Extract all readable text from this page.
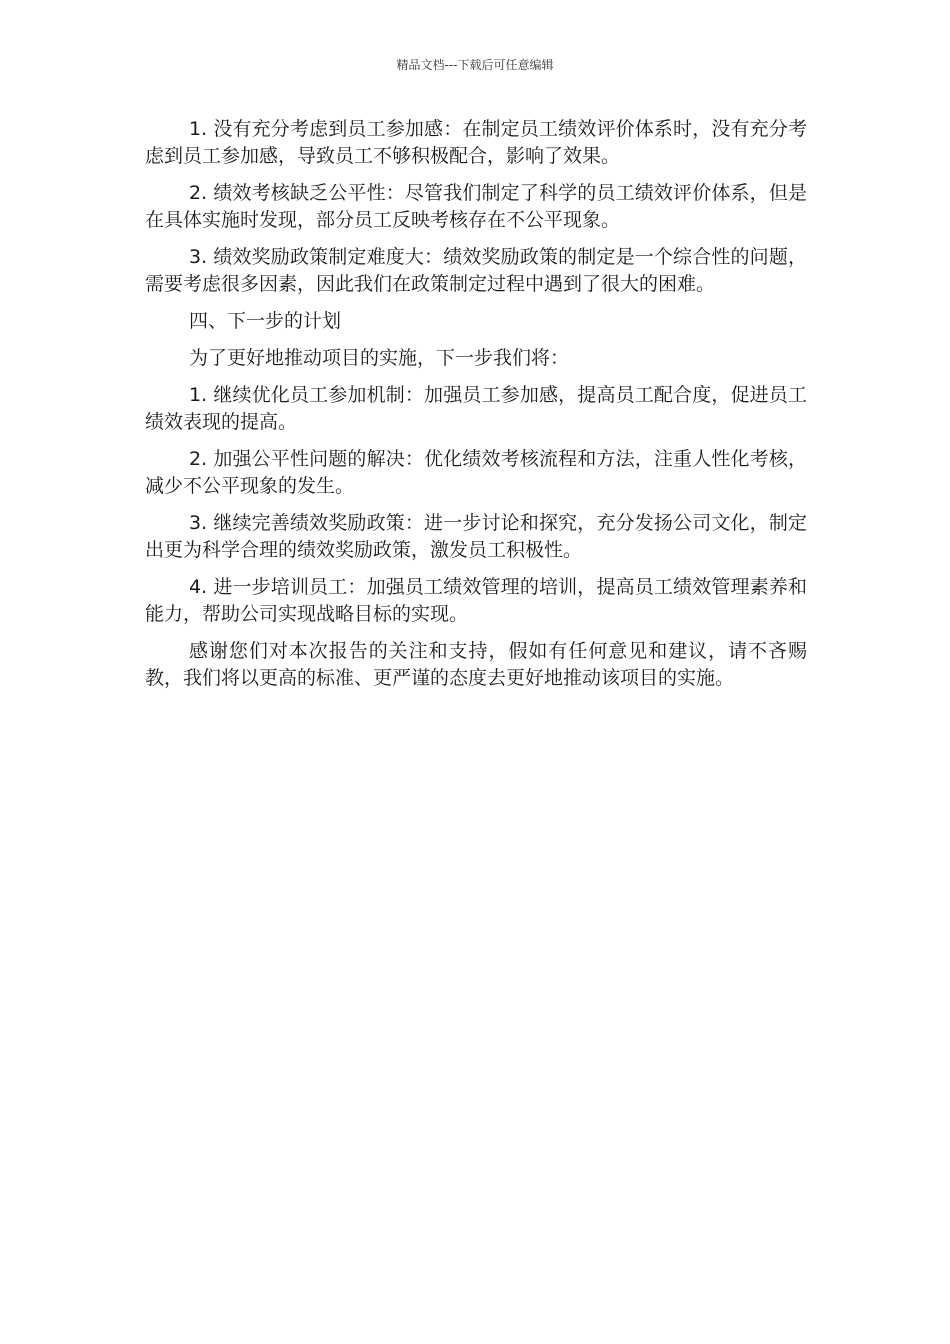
精品文档---下载后可任意编辑

1. 没有充分考虑到员工参加感：在制定员工绩效评价体系时，没有充分考虑到员工参加感，导致员工不够积极配合，影响了效果。

2. 绩效考核缺乏公平性：尽管我们制定了科学的员工绩效评价体系，但是在具体实施时发现，部分员工反映考核存在不公平现象。

3. 绩效奖励政策制定难度大：绩效奖励政策的制定是一个综合性的问题，需要考虑很多因素，因此我们在政策制定过程中遇到了很大的困难。

四、下一步的计划

为了更好地推动项目的实施，下一步我们将：

1. 继续优化员工参加机制：加强员工参加感，提高员工配合度，促进员工绩效表现的提高。

2. 加强公平性问题的解决：优化绩效考核流程和方法，注重人性化考核，减少不公平现象的发生。

3. 继续完善绩效奖励政策：进一步讨论和探究，充分发扬公司文化，制定出更为科学合理的绩效奖励政策，激发员工积极性。

4. 进一步培训员工：加强员工绩效管理的培训，提高员工绩效管理素养和能力，帮助公司实现战略目标的实现。

感谢您们对本次报告的关注和支持，假如有任何意见和建议，请不吝赐教，我们将以更高的标准、更严谨的态度去更好地推动该项目的实施。
